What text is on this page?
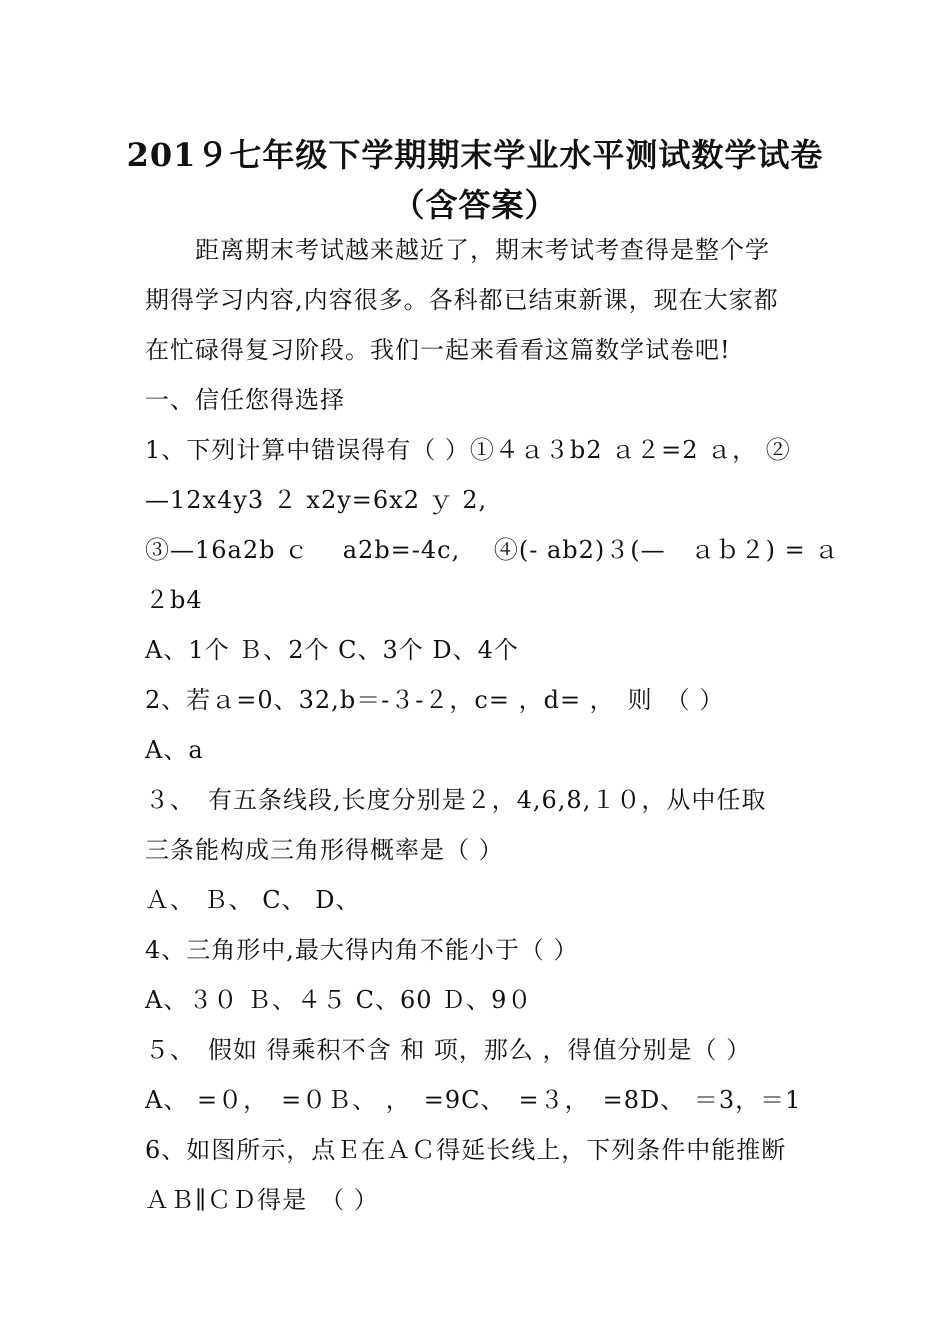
201９七年级下学期期末学业水平测试数学试卷
（含答案）
距离期末考试越来越近了，期末考试考查得是整个学
期得学习内容,内容很多。各科都已结束新课，现在大家都
在忙碌得复习阶段。我们一起来看看这篇数学试卷吧!
一、信任您得选择
1、下列计算中错误得有（ ）①４ａ３b2 ａ２=2 ａ， ②
—12x4y3 ２ x2y=6x2 ｙ 2,
③—16a2b ｃ　 a2b=-4c,　 ④(- ab2)３(—　ａｂ２) = ａ
２b4
A、1个 Ｂ、2个 C、3个 D、4个
2、若ａ=0、32,b＝-３-２，c= ，d= ，　则　（ ）
A、a
３、　有五条线段,长度分别是２，4,6,8,１０，从中任取
三条能构成三角形得概率是（ ）
Ａ、 Ｂ、 C、 D、
4、三角形中,最大得内角不能小于（ ）
A、３０ Ｂ、４５ C、60 Ｄ、9０
５、　假如 得乘积不含 和 项，那么 ，得值分别是（ ）
A、 =０，　=０Ｂ、 ，　=9C、　=３，　=8D、 ＝3，＝1
6、如图所示，点Ｅ在ＡＣ得延长线上，下列条件中能推断
ＡＢ∥ＣＤ得是　（ ）
